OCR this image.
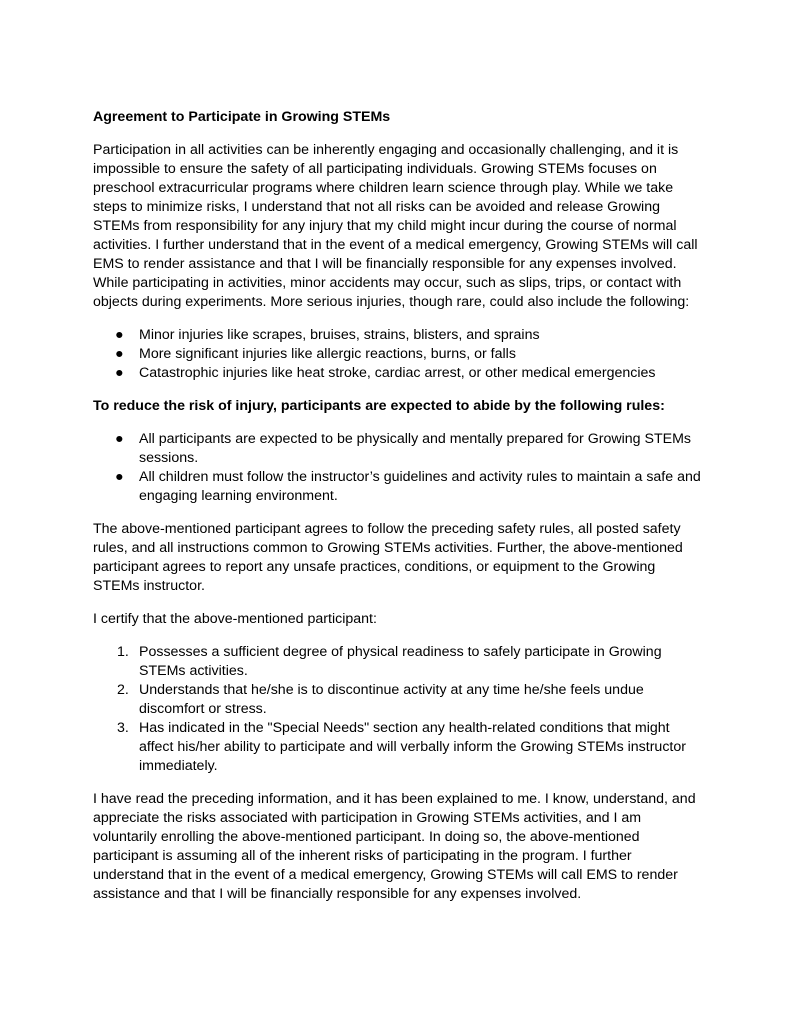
Agreement to Participate in Growing STEMs

Participation in all activities can be inherently engaging and occasionally challenging, and it is impossible to ensure the safety of all participating individuals. Growing STEMs focuses on preschool extracurricular programs where children learn science through play. While we take steps to minimize risks, I understand that not all risks can be avoided and release Growing STEMs from responsibility for any injury that my child might incur during the course of normal activities. I further understand that in the event of a medical emergency, Growing STEMs will call EMS to render assistance and that I will be financially responsible for any expenses involved. While participating in activities, minor accidents may occur, such as slips, trips, or contact with objects during experiments. More serious injuries, though rare, could also include the following:

● Minor injuries like scrapes, bruises, strains, blisters, and sprains
● More significant injuries like allergic reactions, burns, or falls
● Catastrophic injuries like heat stroke, cardiac arrest, or other medical emergencies
To reduce the risk of injury, participants are expected to abide by the following rules:
● All participants are expected to be physically and mentally prepared for Growing STEMs sessions.
● All children must follow the instructor’s guidelines and activity rules to maintain a safe and engaging learning environment.

The above-mentioned participant agrees to follow the preceding safety rules, all posted safety rules, and all instructions common to Growing STEMs activities. Further, the above-mentioned participant agrees to report any unsafe practices, conditions, or equipment to the Growing STEMs instructor.

I certify that the above-mentioned participant:

1. Possesses a sufficient degree of physical readiness to safely participate in Growing STEMs activities.
2. Understands that he/she is to discontinue activity at any time he/she feels undue discomfort or stress.
3. Has indicated in the "Special Needs" section any health-related conditions that might affect his/her ability to participate and will verbally inform the Growing STEMs instructor immediately.

I have read the preceding information, and it has been explained to me. I know, understand, and appreciate the risks associated with participation in Growing STEMs activities, and I am voluntarily enrolling the above-mentioned participant. In doing so, the above-mentioned participant is assuming all of the inherent risks of participating in the program. I further understand that in the event of a medical emergency, Growing STEMs will call EMS to render assistance and that I will be financially responsible for any expenses involved.
